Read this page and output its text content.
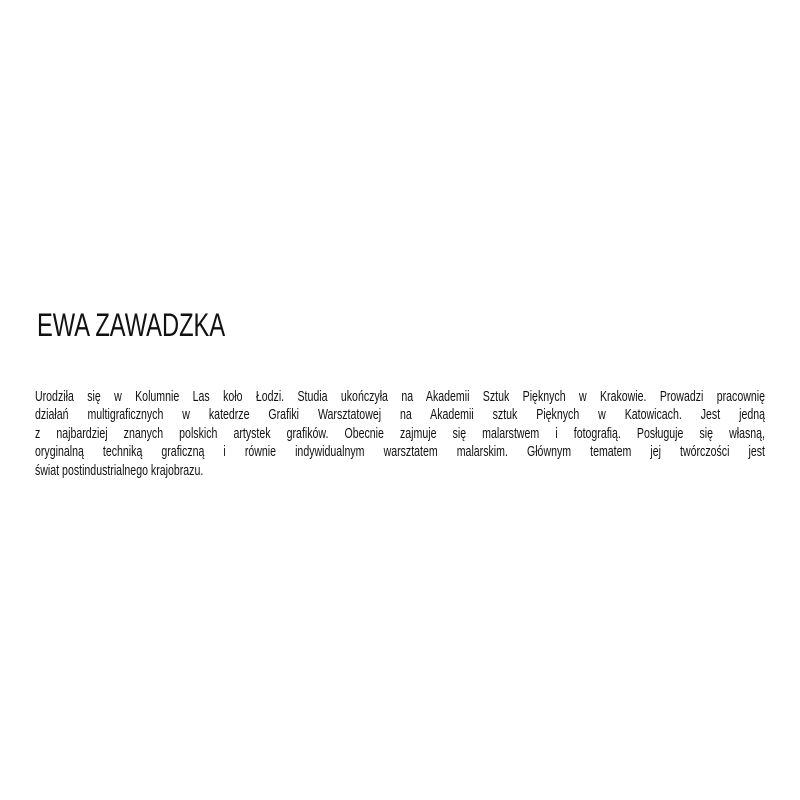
EWA ZAWADZKA
Urodziła się w Kolumnie Las koło Łodzi. Studia ukończyła na Akademii Sztuk Pięknych w Krakowie. Prowadzi pracownię
działań multigraficznych w katedrze Grafiki Warsztatowej na Akademii sztuk Pięknych w Katowicach. Jest jedną
z najbardziej znanych polskich artystek grafików. Obecnie zajmuje się malarstwem i fotografią. Posługuje się własną,
oryginalną techniką graficzną i równie indywidualnym warsztatem malarskim. Głównym tematem jej twórczości jest
świat postindustrialnego krajobrazu.
